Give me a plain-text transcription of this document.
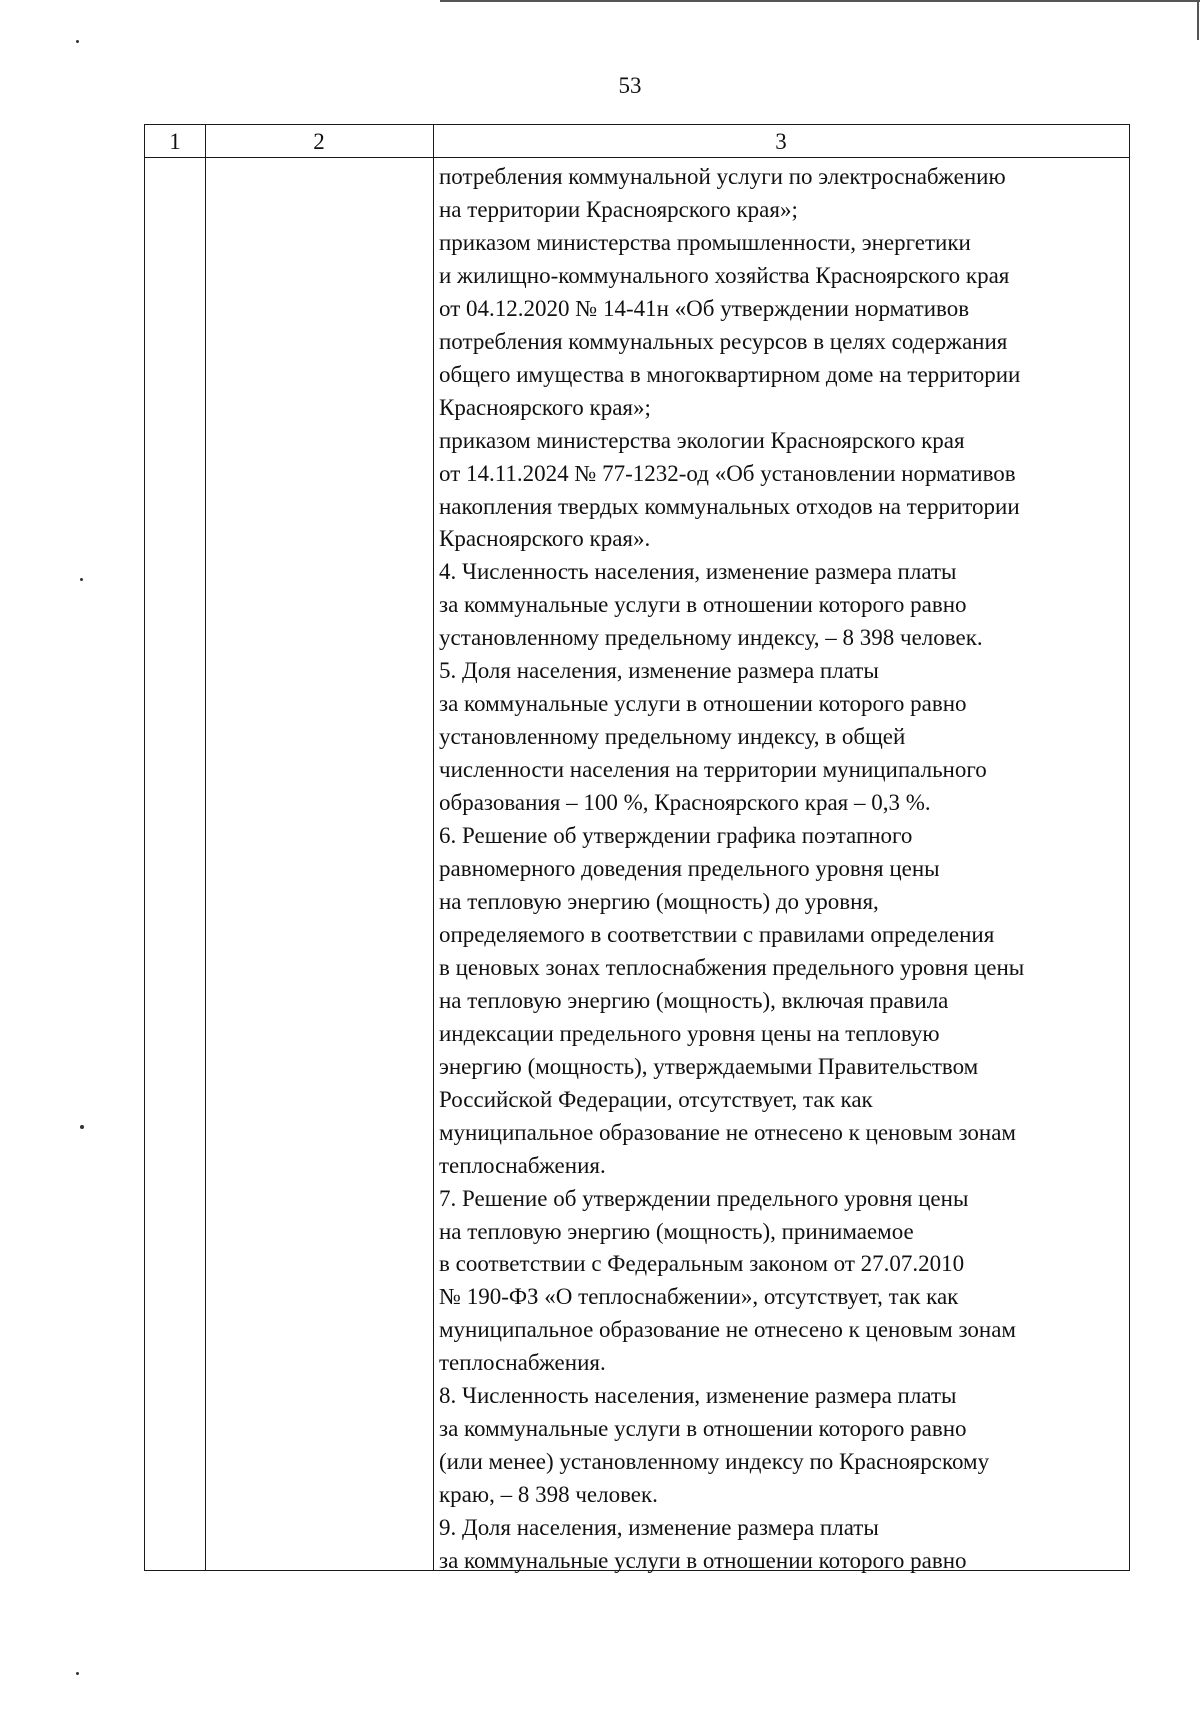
53
1	2	3
потребления коммунальной услуги по электроснабжению
на территории Красноярского края»;
приказом министерства промышленности, энергетики
и жилищно-коммунального хозяйства Красноярского края
от 04.12.2020 № 14-41н «Об утверждении нормативов
потребления коммунальных ресурсов в целях содержания
общего имущества в многоквартирном доме на территории
Красноярского края»;
приказом министерства экологии Красноярского края
от 14.11.2024 № 77-1232-од «Об установлении нормативов
накопления твердых коммунальных отходов на территории
Красноярского края».
4. Численность населения, изменение размера платы
за коммунальные услуги в отношении которого равно
установленному предельному индексу, – 8 398 человек.
5. Доля населения, изменение размера платы
за коммунальные услуги в отношении которого равно
установленному предельному индексу, в общей
численности населения на территории муниципального
образования – 100 %, Красноярского края – 0,3 %.
6. Решение об утверждении графика поэтапного
равномерного доведения предельного уровня цены
на тепловую энергию (мощность) до уровня,
определяемого в соответствии с правилами определения
в ценовых зонах теплоснабжения предельного уровня цены
на тепловую энергию (мощность), включая правила
индексации предельного уровня цены на тепловую
энергию (мощность), утверждаемыми Правительством
Российской Федерации, отсутствует, так как
муниципальное образование не отнесено к ценовым зонам
теплоснабжения.
7. Решение об утверждении предельного уровня цены
на тепловую энергию (мощность), принимаемое
в соответствии с Федеральным законом от 27.07.2010
№ 190-ФЗ «О теплоснабжении», отсутствует, так как
муниципальное образование не отнесено к ценовым зонам
теплоснабжения.
8. Численность населения, изменение размера платы
за коммунальные услуги в отношении которого равно
(или менее) установленному индексу по Красноярскому
краю, – 8 398 человек.
9. Доля населения, изменение размера платы
за коммунальные услуги в отношении которого равно
